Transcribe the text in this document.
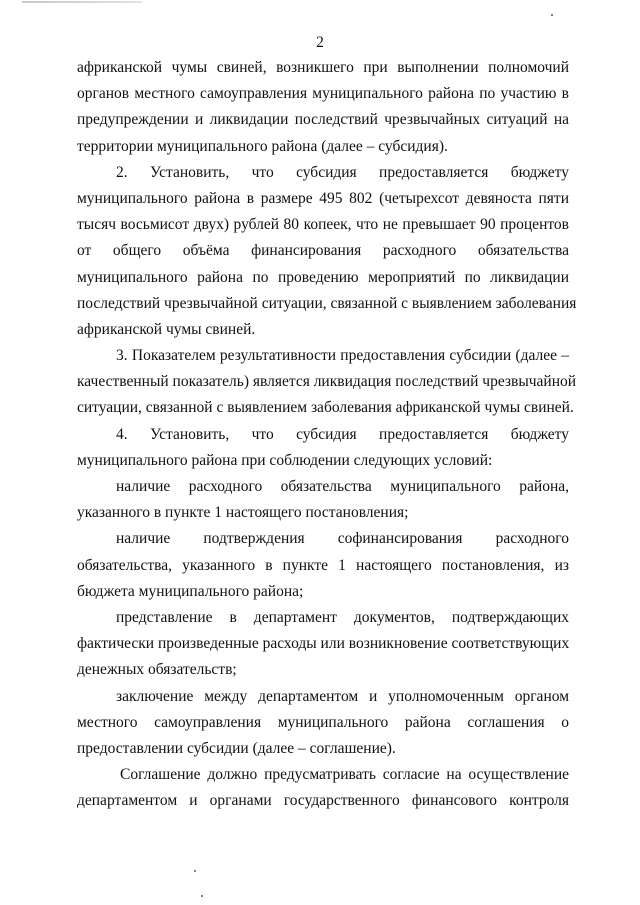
2
африканской чумы свиней, возникшего при выполнении полномочий
органов местного самоуправления муниципального района по участию в
предупреждении и ликвидации последствий чрезвычайных ситуаций на
территории муниципального района (далее – субсидия).
2. Установить, что субсидия предоставляется бюджету
муниципального района в размере 495 802 (четырехсот девяноста пяти
тысяч восьмисот двух) рублей 80 копеек, что не превышает 90 процентов
от общего объёма финансирования расходного обязательства
муниципального района по проведению мероприятий по ликвидации
последствий чрезвычайной ситуации, связанной с выявлением заболевания
африканской чумы свиней.
3. Показателем результативности предоставления субсидии (далее –
качественный показатель) является ликвидация последствий чрезвычайной
ситуации, связанной с выявлением заболевания африканской чумы свиней.
4. Установить, что субсидия предоставляется бюджету
муниципального района при соблюдении следующих условий:
наличие расходного обязательства муниципального района,
указанного в пункте 1 настоящего постановления;
наличие подтверждения софинансирования расходного
обязательства, указанного в пункте 1 настоящего постановления, из
бюджета муниципального района;
представление в департамент документов, подтверждающих
фактически произведенные расходы или возникновение соответствующих
денежных обязательств;
заключение между департаментом и уполномоченным органом
местного самоуправления муниципального района соглашения о
предоставлении субсидии (далее – соглашение).
Соглашение должно предусматривать согласие на осуществление
департаментом и органами государственного финансового контроля
